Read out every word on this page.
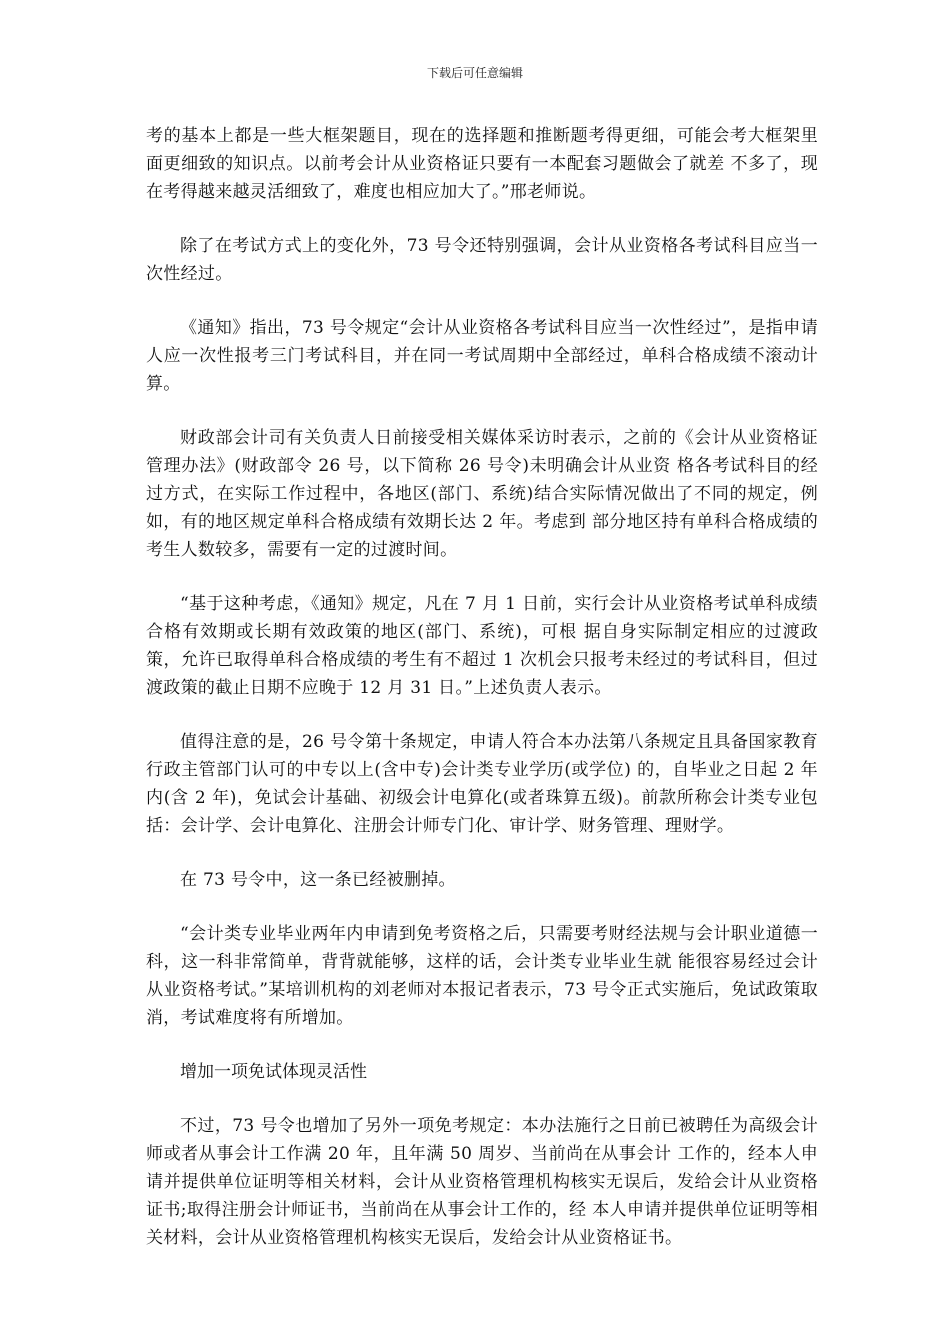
下载后可任意编辑

考的基本上都是一些大框架题目，现在的选择题和推断题考得更细，可能会考大框架里面更细致的知识点。以前考会计从业资格证只要有一本配套习题做会了就差 不多了，现在考得越来越灵活细致了，难度也相应加大了。”邢老师说。

除了在考试方式上的变化外，73 号令还特别强调，会计从业资格各考试科目应当一次性经过。

《通知》指出，73 号令规定“会计从业资格各考试科目应当一次性经过”，是指申请人应一次性报考三门考试科目，并在同一考试周期中全部经过，单科合格成绩不滚动计算。

财政部会计司有关负责人日前接受相关媒体采访时表示，之前的《会计从业资格证管理办法》(财政部令 26 号，以下简称 26 号令)未明确会计从业资 格各考试科目的经过方式，在实际工作过程中，各地区(部门、系统)结合实际情况做出了不同的规定，例如，有的地区规定单科合格成绩有效期长达 2 年。考虑到 部分地区持有单科合格成绩的考生人数较多，需要有一定的过渡时间。

“基于这种考虑，《通知》规定，凡在 7 月 1 日前，实行会计从业资格考试单科成绩合格有效期或长期有效政策的地区(部门、系统)，可根 据自身实际制定相应的过渡政策，允许已取得单科合格成绩的考生有不超过 1 次机会只报考未经过的考试科目，但过渡政策的截止日期不应晚于 12 月 31 日。”上述负责人表示。

值得注意的是，26 号令第十条规定，申请人符合本办法第八条规定且具备国家教育行政主管部门认可的中专以上(含中专)会计类专业学历(或学位) 的，自毕业之日起 2 年内(含 2 年)，免试会计基础、初级会计电算化(或者珠算五级)。前款所称会计类专业包括：会计学、会计电算化、注册会计师专门化、审计学、财务管理、理财学。

在 73 号令中，这一条已经被删掉。

“会计类专业毕业两年内申请到免考资格之后，只需要考财经法规与会计职业道德一科，这一科非常简单，背背就能够，这样的话，会计类专业毕业生就 能很容易经过会计从业资格考试。”某培训机构的刘老师对本报记者表示，73 号令正式实施后，免试政策取消，考试难度将有所增加。

增加一项免试体现灵活性

不过，73 号令也增加了另外一项免考规定：本办法施行之日前已被聘任为高级会计师或者从事会计工作满 20 年，且年满 50 周岁、当前尚在从事会计 工作的，经本人申请并提供单位证明等相关材料，会计从业资格管理机构核实无误后，发给会计从业资格证书;取得注册会计师证书，当前尚在从事会计工作的，经 本人申请并提供单位证明等相关材料，会计从业资格管理机构核实无误后，发给会计从业资格证书。
